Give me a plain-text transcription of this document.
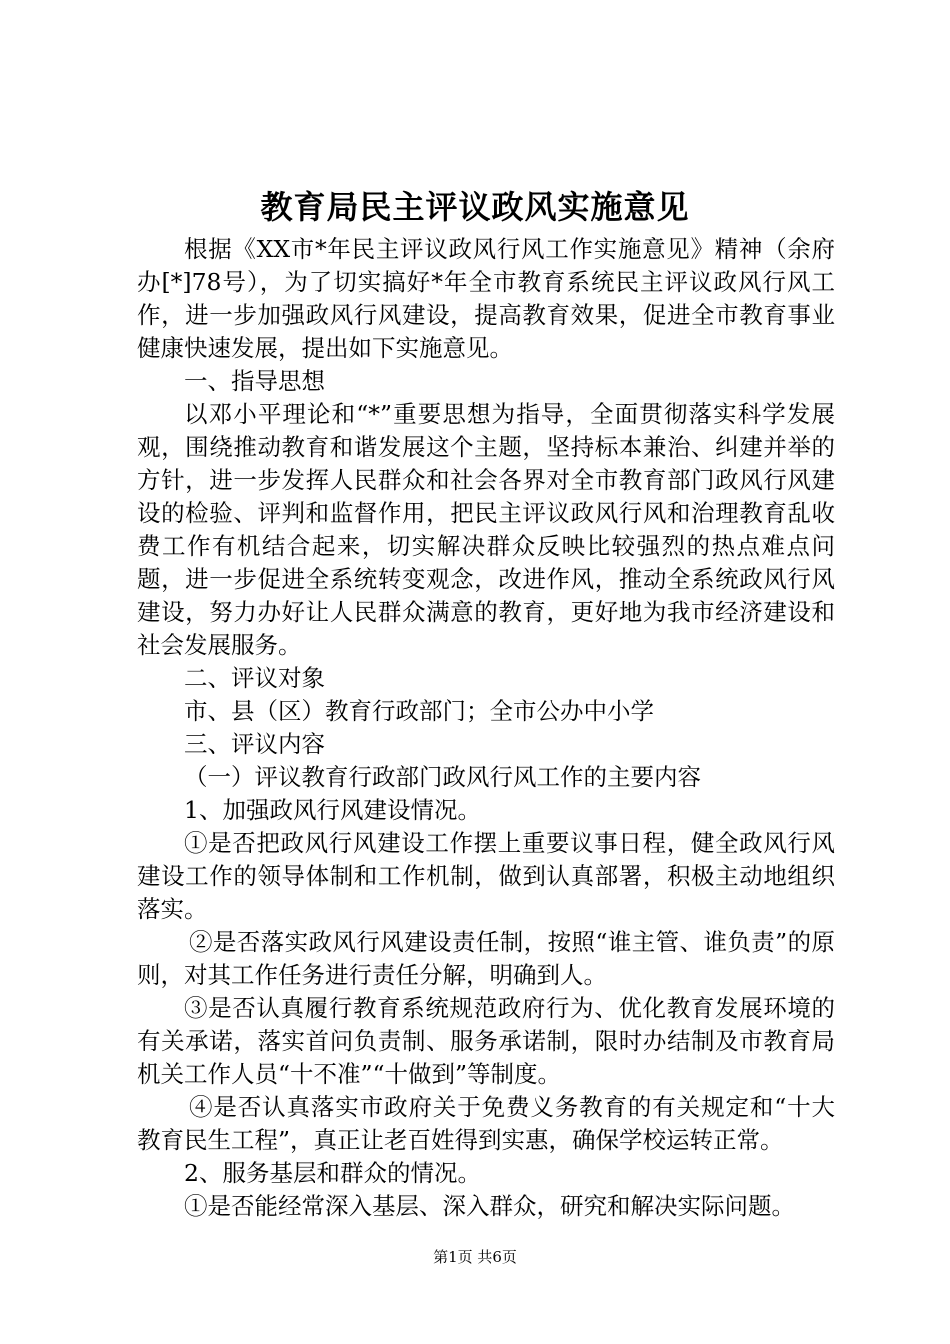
教育局民主评议政风实施意见

根据《XX市*年民主评议政风行风工作实施意见》精神（余府办[*]78号），为了切实搞好*年全市教育系统民主评议政风行风工作，进一步加强政风行风建设，提高教育效果，促进全市教育事业健康快速发展，提出如下实施意见。

一、指导思想

以邓小平理论和“*”重要思想为指导，全面贯彻落实科学发展观，围绕推动教育和谐发展这个主题，坚持标本兼治、纠建并举的方针，进一步发挥人民群众和社会各界对全市教育部门政风行风建设的检验、评判和监督作用，把民主评议政风行风和治理教育乱收费工作有机结合起来，切实解决群众反映比较强烈的热点难点问题，进一步促进全系统转变观念，改进作风，推动全系统政风行风建设，努力办好让人民群众满意的教育，更好地为我市经济建设和社会发展服务。

二、评议对象

市、县（区）教育行政部门；全市公办中小学

三、评议内容

（一）评议教育行政部门政风行风工作的主要内容

1、加强政风行风建设情况。

①是否把政风行风建设工作摆上重要议事日程，健全政风行风建设工作的领导体制和工作机制，做到认真部署，积极主动地组织落实。

②是否落实政风行风建设责任制，按照“谁主管、谁负责”的原则，对其工作任务进行责任分解，明确到人。

③是否认真履行教育系统规范政府行为、优化教育发展环境的有关承诺，落实首问负责制、服务承诺制，限时办结制及市教育局机关工作人员“十不准”“十做到”等制度。

④是否认真落实市政府关于免费义务教育的有关规定和“十大教育民生工程”，真正让老百姓得到实惠，确保学校运转正常。

2、服务基层和群众的情况。

①是否能经常深入基层、深入群众，研究和解决实际问题。

第1页 共6页
